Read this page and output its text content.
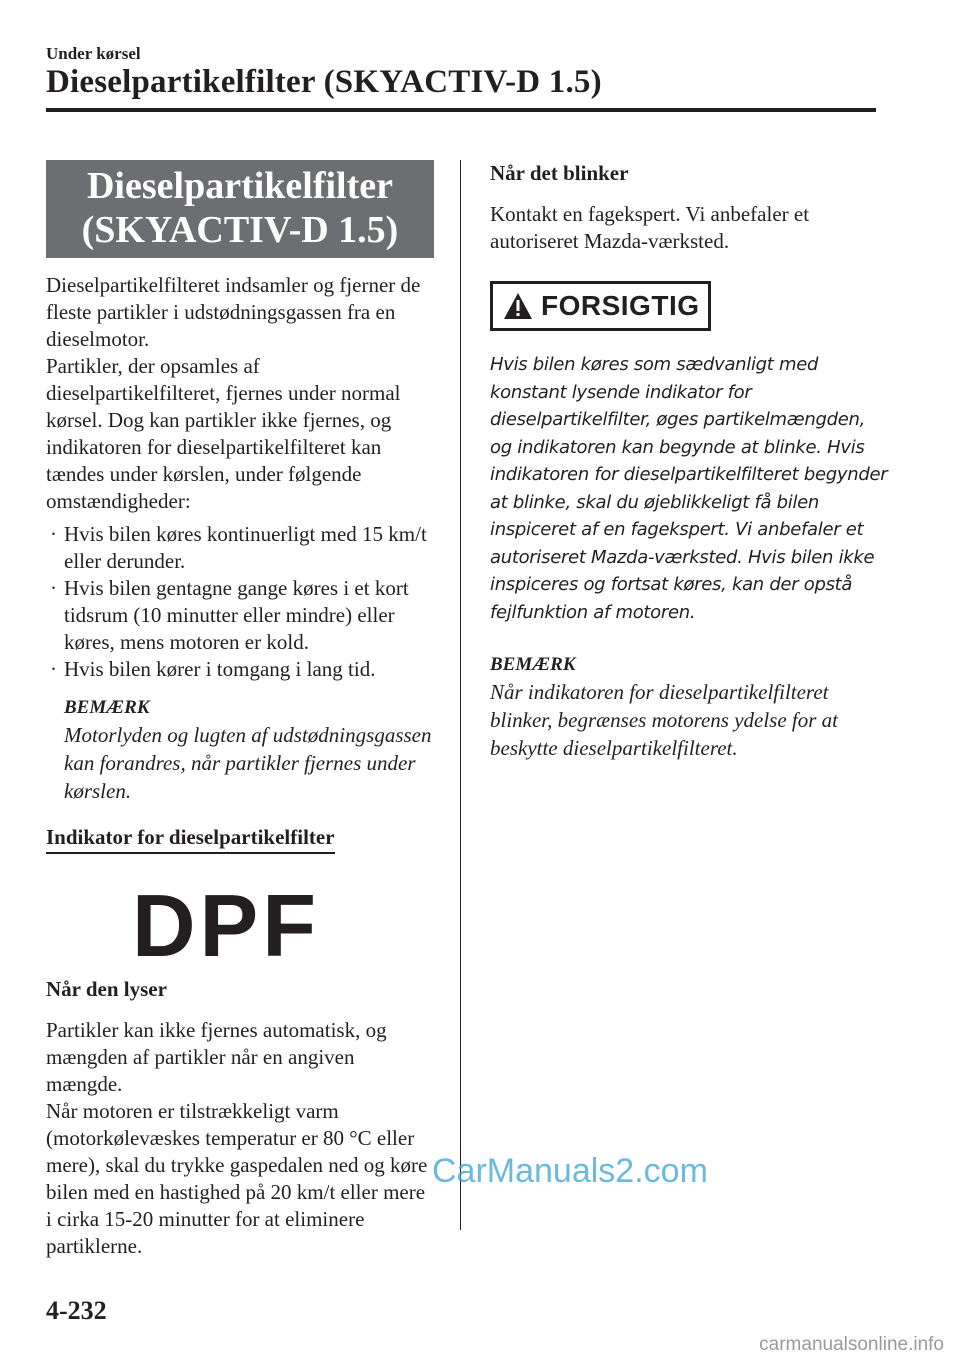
Under kørsel
Dieselpartikelfilter (SKYACTIV-D 1.5)
Dieselpartikelfilter
(SKYACTIV-D 1.5)

Dieselpartikelfilteret indsamler og fjerner de fleste partikler i udstødningsgassen fra en dieselmotor.

Partikler, der opsamles af dieselpartikelfilteret, fjernes under normal kørsel. Dog kan partikler ikke fjernes, og indikatoren for dieselpartikelfilteret kan tændes under kørslen, under følgende omstændigheder:

· Hvis bilen køres kontinuerligt med 15 km/t eller derunder.
· Hvis bilen gentagne gange køres i et kort tidsrum (10 minutter eller mindre) eller køres, mens motoren er kold.
· Hvis bilen kører i tomgang i lang tid.
BEMÆRK
Motorlyden og lugten af udstødningsgassen kan forandres, når partikler fjernes under kørslen.
Indikator for dieselpartikelfilter
DPF
Når den lyser

Partikler kan ikke fjernes automatisk, og mængden af partikler når en angiven mængde.

Når motoren er tilstrækkeligt varm (motorkølevæskes temperatur er 80 °C eller mere), skal du trykke gaspedalen ned og køre bilen med en hastighed på 20 km/t eller mere i cirka 15-20 minutter for at eliminere partiklerne.

Når det blinker

Kontakt en fagekspert. Vi anbefaler et autoriseret Mazda-værksted.

FORSIGTIG
Hvis bilen køres som sædvanligt med konstant lysende indikator for dieselpartikelfilter, øges partikelmængden, og indikatoren kan begynde at blinke. Hvis indikatoren for dieselpartikelfilteret begynder at blinke, skal du øjeblikkeligt få bilen inspiceret af en fagekspert. Vi anbefaler et autoriseret Mazda-værksted. Hvis bilen ikke inspiceres og fortsat køres, kan der opstå fejlfunktion af motoren.
BEMÆRK
Når indikatoren for dieselpartikelfilteret blinker, begrænses motorens ydelse for at beskytte dieselpartikelfilteret.
CarManuals2.com
4-232
carmanualsonline.info
